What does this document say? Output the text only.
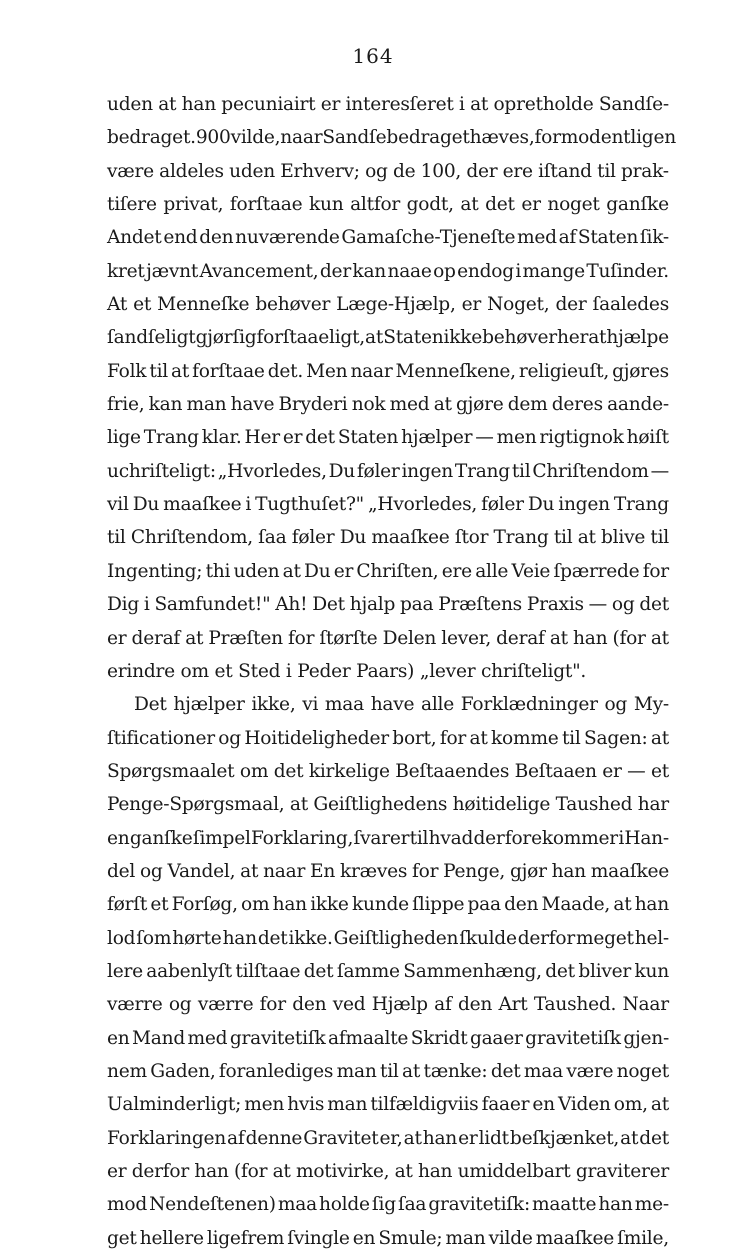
164
uden at han pecuniairt er interesſeret i at opretholde Sandſe-
bedraget. 900 vilde, naar Sandſebedraget hæves, formodentligen
være aldeles uden Erhverv; og de 100, der ere iſtand til prak-
tiſere privat, forſtaae kun altfor godt, at det er noget ganſke
Andet end den nuværende Gamaſche-Tjeneſte med af Staten ſik-
kret jævnt Avancement, der kan naae op endog i mange Tuſinder.
At et Menneſke behøver Læge-Hjælp, er Noget, der ſaaledes
ſandſeligt gjør ſig forſtaaeligt, at Staten ikke behøver her at hjælpe
Folk til at forſtaae det. Men naar Menneſkene, religieuſt, gjøres
frie, kan man have Bryderi nok med at gjøre dem deres aandе-
lige Trang klar. Her er det Staten hjælper — men rigtignok høiſt
uchriſteligt: „Hvorledes, Du føler ingen Trang til Chriſtendom —
vil Du maaſkee i Tugthuſet?" „Hvorledes, føler Du ingen Trang
til Chriſtendom, ſaa føler Du maaſkee ſtor Trang til at blive til
Ingenting; thi uden at Du er Chriſten, ere alle Veie ſpærrede for
Dig i Samfundet!" Ah! Det hjalp paa Præſtens Praxis — og det
er deraf at Præſten for ſtørſte Delen lever, deraf at han (for at
erindre om et Sted i Peder Paars) „lever chriſteligt".
Det hjælper ikke, vi maa have alle Forklædninger og My-
ſtificationer og Hoitideligheder bort, for at komme til Sagen: at
Spørgsmaalet om det kirkelige Beſtaaendes Beſtaaen er — et
Penge-Spørgsmaal, at Geiſtlighedens høitidelige Taushed har
en ganſke ſimpel Forklaring, ſvarer til hvad der forekommer i Han-
del og Vandel, at naar En kræves for Penge, gjør han maaſkee
førſt et Forſøg, om han ikke kunde ſlippe paa den Maade, at han
lod ſom hørte han det ikke. Geiſtligheden ſkulde derfor meget hel-
lere aabenlyſt tilſtaae det ſamme Sammenhæng, det bliver kun
værre og værre for den ved Hjælp af den Art Taushed. Naar
en Mand med gravitetiſk afmaalte Skridt gaaer gravitetiſk gjen-
nem Gaden, foranlediges man til at tænke: det maa være noget
Ualminderligt; men hvis man tilfældigviis faaer en Viden om, at
Forklaringen af denne Gravitet er, at han er lidt beſkjænket, at det
er derfor han (for at motivirke, at han umiddelbart graviterer
mod Nendeſtenen) maa holde ſig ſaa gravitetiſk: maatte han me-
get hellere ligefrem ſvingle en Smule; man vilde maaſkee ſmile,
